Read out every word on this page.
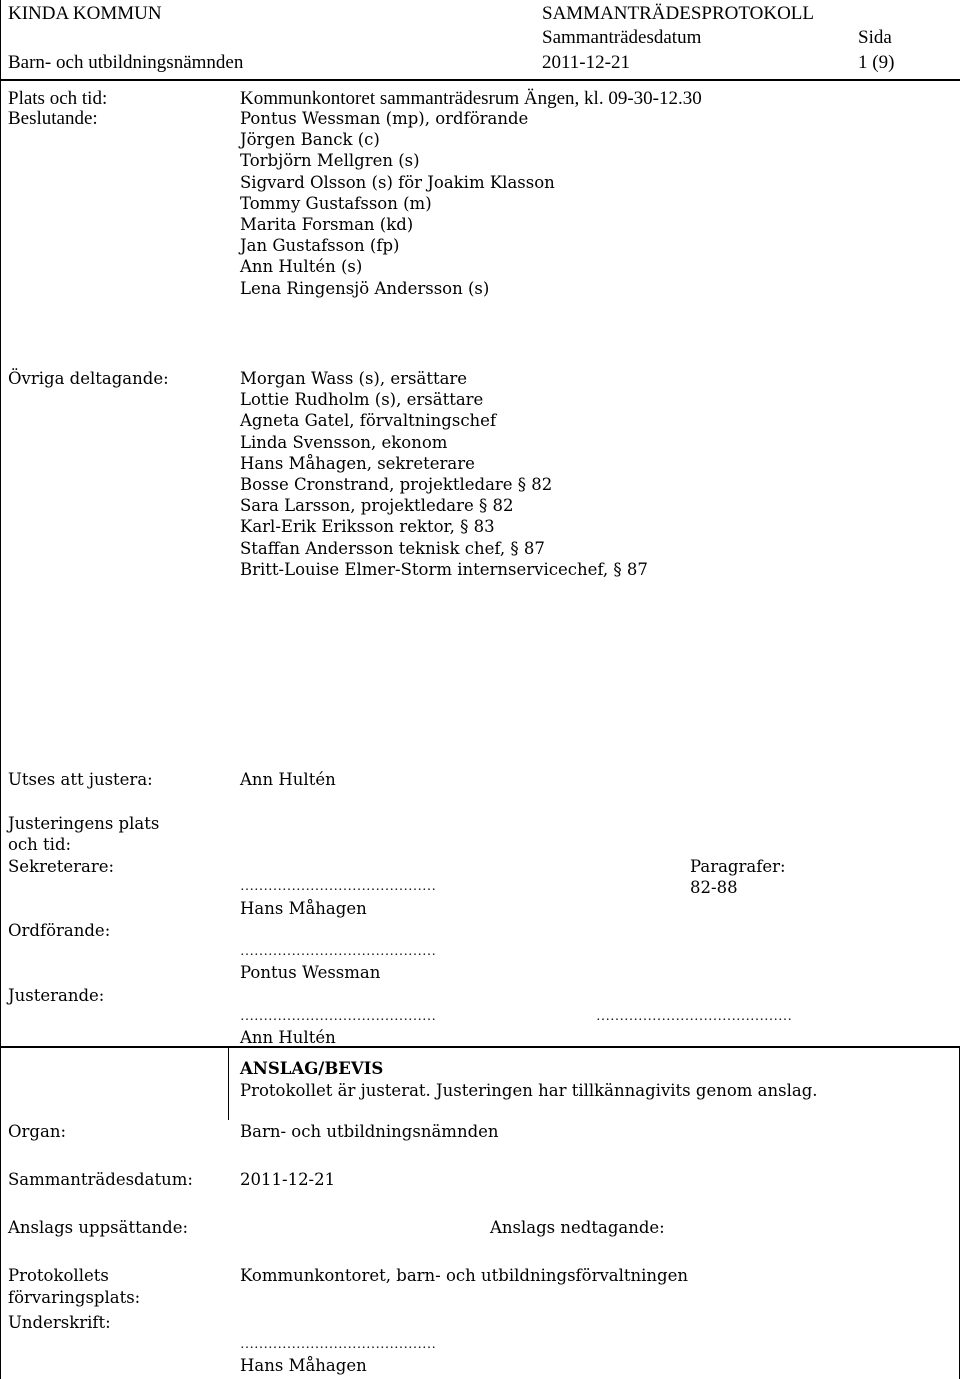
KINDA KOMMUN	SAMMANTRÄDESPROTOKOLL
Sammanträdesdatum	Sida
Barn- och utbildningsnämnden	2011-12-21	1 (9)
Plats och tid:	Kommunkontoret sammanträdesrum Ängen, kl. 09-30-12.30
Beslutande:	Pontus Wessman (mp), ordförande
Jörgen Banck (c)
Torbjörn Mellgren (s)
Sigvard Olsson (s) för Joakim Klasson
Tommy Gustafsson (m)
Marita Forsman (kd)
Jan Gustafsson (fp)
Ann Hultén (s)
Lena Ringensjö Andersson (s)
Övriga deltagande:	Morgan Wass (s), ersättare
Lottie Rudholm (s), ersättare
Agneta Gatel, förvaltningschef
Linda Svensson, ekonom
Hans Måhagen, sekreterare
Bosse Cronstrand, projektledare § 82
Sara Larsson, projektledare § 82
Karl-Erik Eriksson rektor, § 83
Staffan Andersson teknisk chef, § 87
Britt-Louise Elmer-Storm internservicechef, § 87
Utses att justera:	Ann Hultén
Justeringens plats
och tid:
Sekreterare:	Paragrafer:
……………………………………	82-88
Hans Måhagen
Ordförande:
……………………………………
Pontus Wessman
Justerande:
……………………………………	……………………………………
Ann Hultén
ANSLAG/BEVIS
Protokollet är justerat. Justeringen har tillkännagivits genom anslag.
Organ:	Barn- och utbildningsnämnden
Sammanträdesdatum:	2011-12-21
Anslags uppsättande:	Anslags nedtagande:
Protokollets	Kommunkontoret, barn- och utbildningsförvaltningen
förvaringsplats:
Underskrift:
……………………………………
Hans Måhagen
